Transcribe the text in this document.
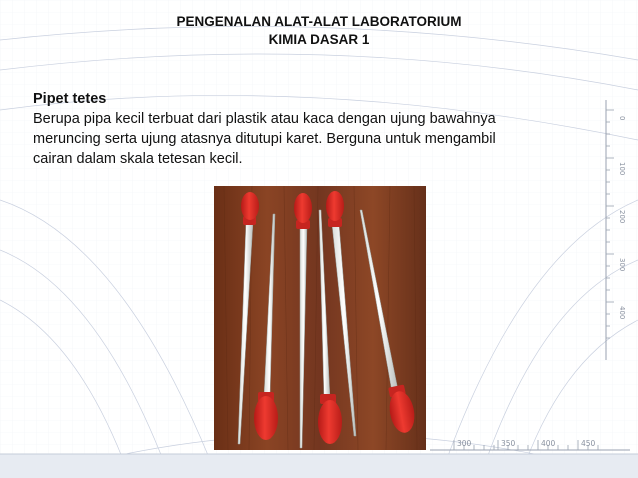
0
100
200
300
400
300	350	400	450
PENGENALAN ALAT-ALAT LABORATORIUM
KIMIA DASAR 1
Pipet tetes
Berupa pipa kecil terbuat dari plastik atau kaca dengan ujung bawahnya
meruncing serta ujung atasnya ditutupi karet. Berguna untuk mengambil
cairan dalam skala tetesan kecil.
